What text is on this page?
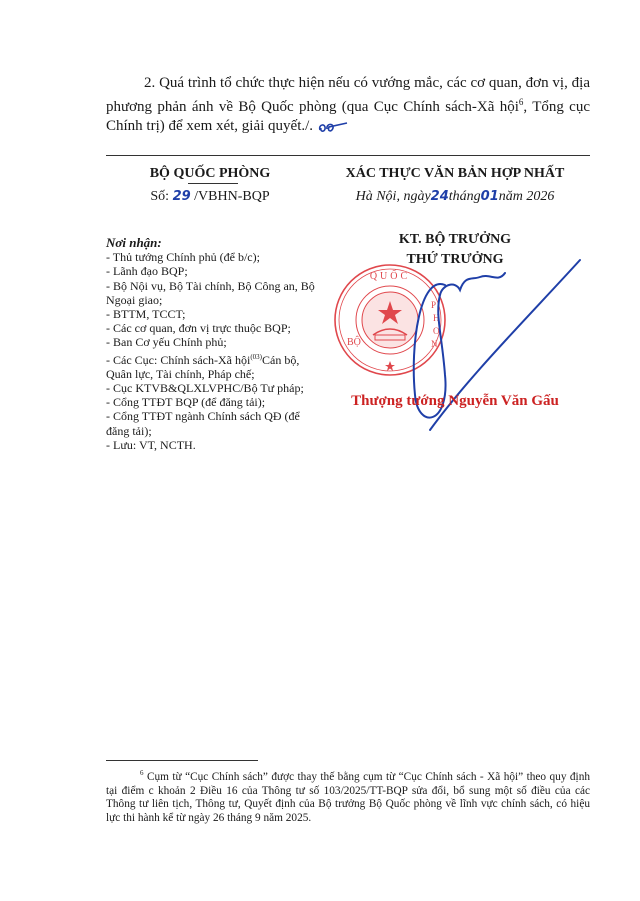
2. Quá trình tổ chức thực hiện nếu có vướng mắc, các cơ quan, đơn vị, địa phương phản ánh về Bộ Quốc phòng (qua Cục Chính sách-Xã hội$^6$, Tổng cục Chính trị) để xem xét, giải quyết./.
BỘ QUỐC PHÒNG
Số: 29 /VBHN-BQP
XÁC THỰC VĂN BẢN HỢP NHẤT
Hà Nội, ngày24tháng01năm 2026
Nơi nhận:
- Thủ tướng Chính phủ (để b/c);
- Lãnh đạo BQP;
- Bộ Nội vụ, Bộ Tài chính, Bộ Công an, Bộ Ngoại giao;
- BTTM, TCCT;
- Các cơ quan, đơn vị trực thuộc BQP;
- Ban Cơ yếu Chính phủ;
- Các Cục: Chính sách-Xã hội$^{(03)}$Cán bộ, Quân lực, Tài chính, Pháp chế;
- Cục KTVB&QLXLVPHC/Bộ Tư pháp;
- Cổng TTĐT BQP (để đăng tải);
- Cổng TTĐT ngành Chính sách QĐ (để đăng tải);
- Lưu: VT, NCTH.
KT. BỘ TRƯỞNG
THỨ TRƯỞNG
QUỐC
BỘ
P
H
O
N
Thượng tướng Nguyễn Văn Gấu
$^6$ Cụm từ “Cục Chính sách” được thay thế bằng cụm từ “Cục Chính sách - Xã hội” theo quy định tại điểm c khoản 2 Điều 16 của Thông tư số 103/2025/TT-BQP sửa đổi, bổ sung một số điều của các Thông tư liên tịch, Thông tư, Quyết định của Bộ trưởng Bộ Quốc phòng về lĩnh vực chính sách, có hiệu lực thi hành kể từ ngày 26 tháng 9 năm 2025.
